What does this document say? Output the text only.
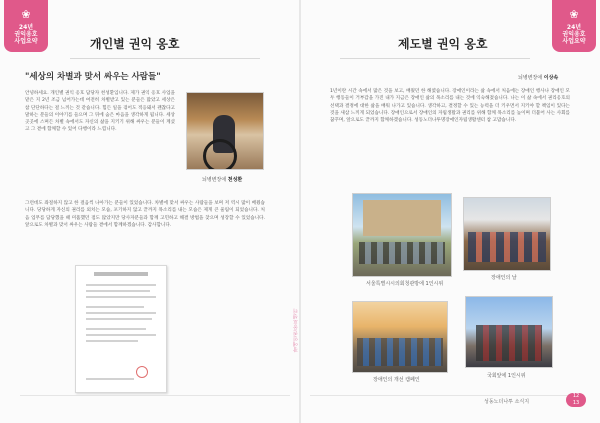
❀
24년
권익옹호
사업요약
❀
24년
권익옹호
사업요약
개인별 권익 옹호
"세상의 차별과 맞서 싸우는 사람들"

안녕하세요. 개인별 권익 옹호 담당자 천성환입니다. 제가 권익 옹호 사업을 맡은 지 2년 조금 넘어가는데 여전히 차별받고 있는 분들은 많았고 세상은 참 단단하다는 걸 느끼는 것 같습니다. 힘든 일을 겪어도 적응돼서 괜찮다고 말하는 분들의 이야기를 들으며 그 뒤에 숨은 마음을 생각하게 됩니다. 세상 곳곳에 스며든 차별 속에서도 자신의 삶을 지키기 위해 싸우는 분들이 계셨고 그 곁에 함께할 수 있어 다행이라 느낍니다.

뇌병변장애 천성환

그런데도 좌절하지 않고 한 걸음씩 나아가는 분들이 있었습니다. 차별에 맞서 싸우는 사람들을 보며 저 역시 많이 배웠습니다. 당당하게 자신의 권리를 외치는 모습, 포기하지 않고 끝까지 목소리를 내는 모습은 제게 큰 울림이 되었습니다. 처음 업무를 담당했을 때 미흡했던 점도 많았지만 당사자분들과 함께 고민하고 해결 방법을 찾으며 성장할 수 있었습니다. 앞으로도 차별과 맞서 싸우는 사람들 곁에서 함께하겠습니다. 감사합니다.

장애인권옹호센터
제도별 권익 옹호
뇌병변장애 이상속

1년이란 시간 속에서 많은 것을 보고, 배웠던 한 해였습니다. 장애인이라는 삶 속에서 처음에는 장애인 행사나 장애인 모두 행동들이 거부감을 가진 내가 지금은 장애인 삶의 목소리를 내는 것에 익숙해졌습니다. 나는 이 삶 속에서 권리옹호의 선택과 결정에 대한 삶을 배워 나가고 있습니다. 생각하고, 결정할 수 있는 능력을 더 키우면서 지키야 할 책임이 있다는 것을 새삼 느끼게 되었습니다. 장애인으로서 장애인의 자립생활과 권리를 위해 함께 목소리를 높이며 더불어 사는 사회를 꿈꾸며, 앞으로도 끝까지 함께하겠습니다. 성동노더나투명장애인자립생활센터 참 고맙습니다.

서울특별시시의회청관방에 1인시위
장애인의 날
장애인의 개선 캠페인
국회앞에 1인시위
성동노더나투 소식지
12
13
